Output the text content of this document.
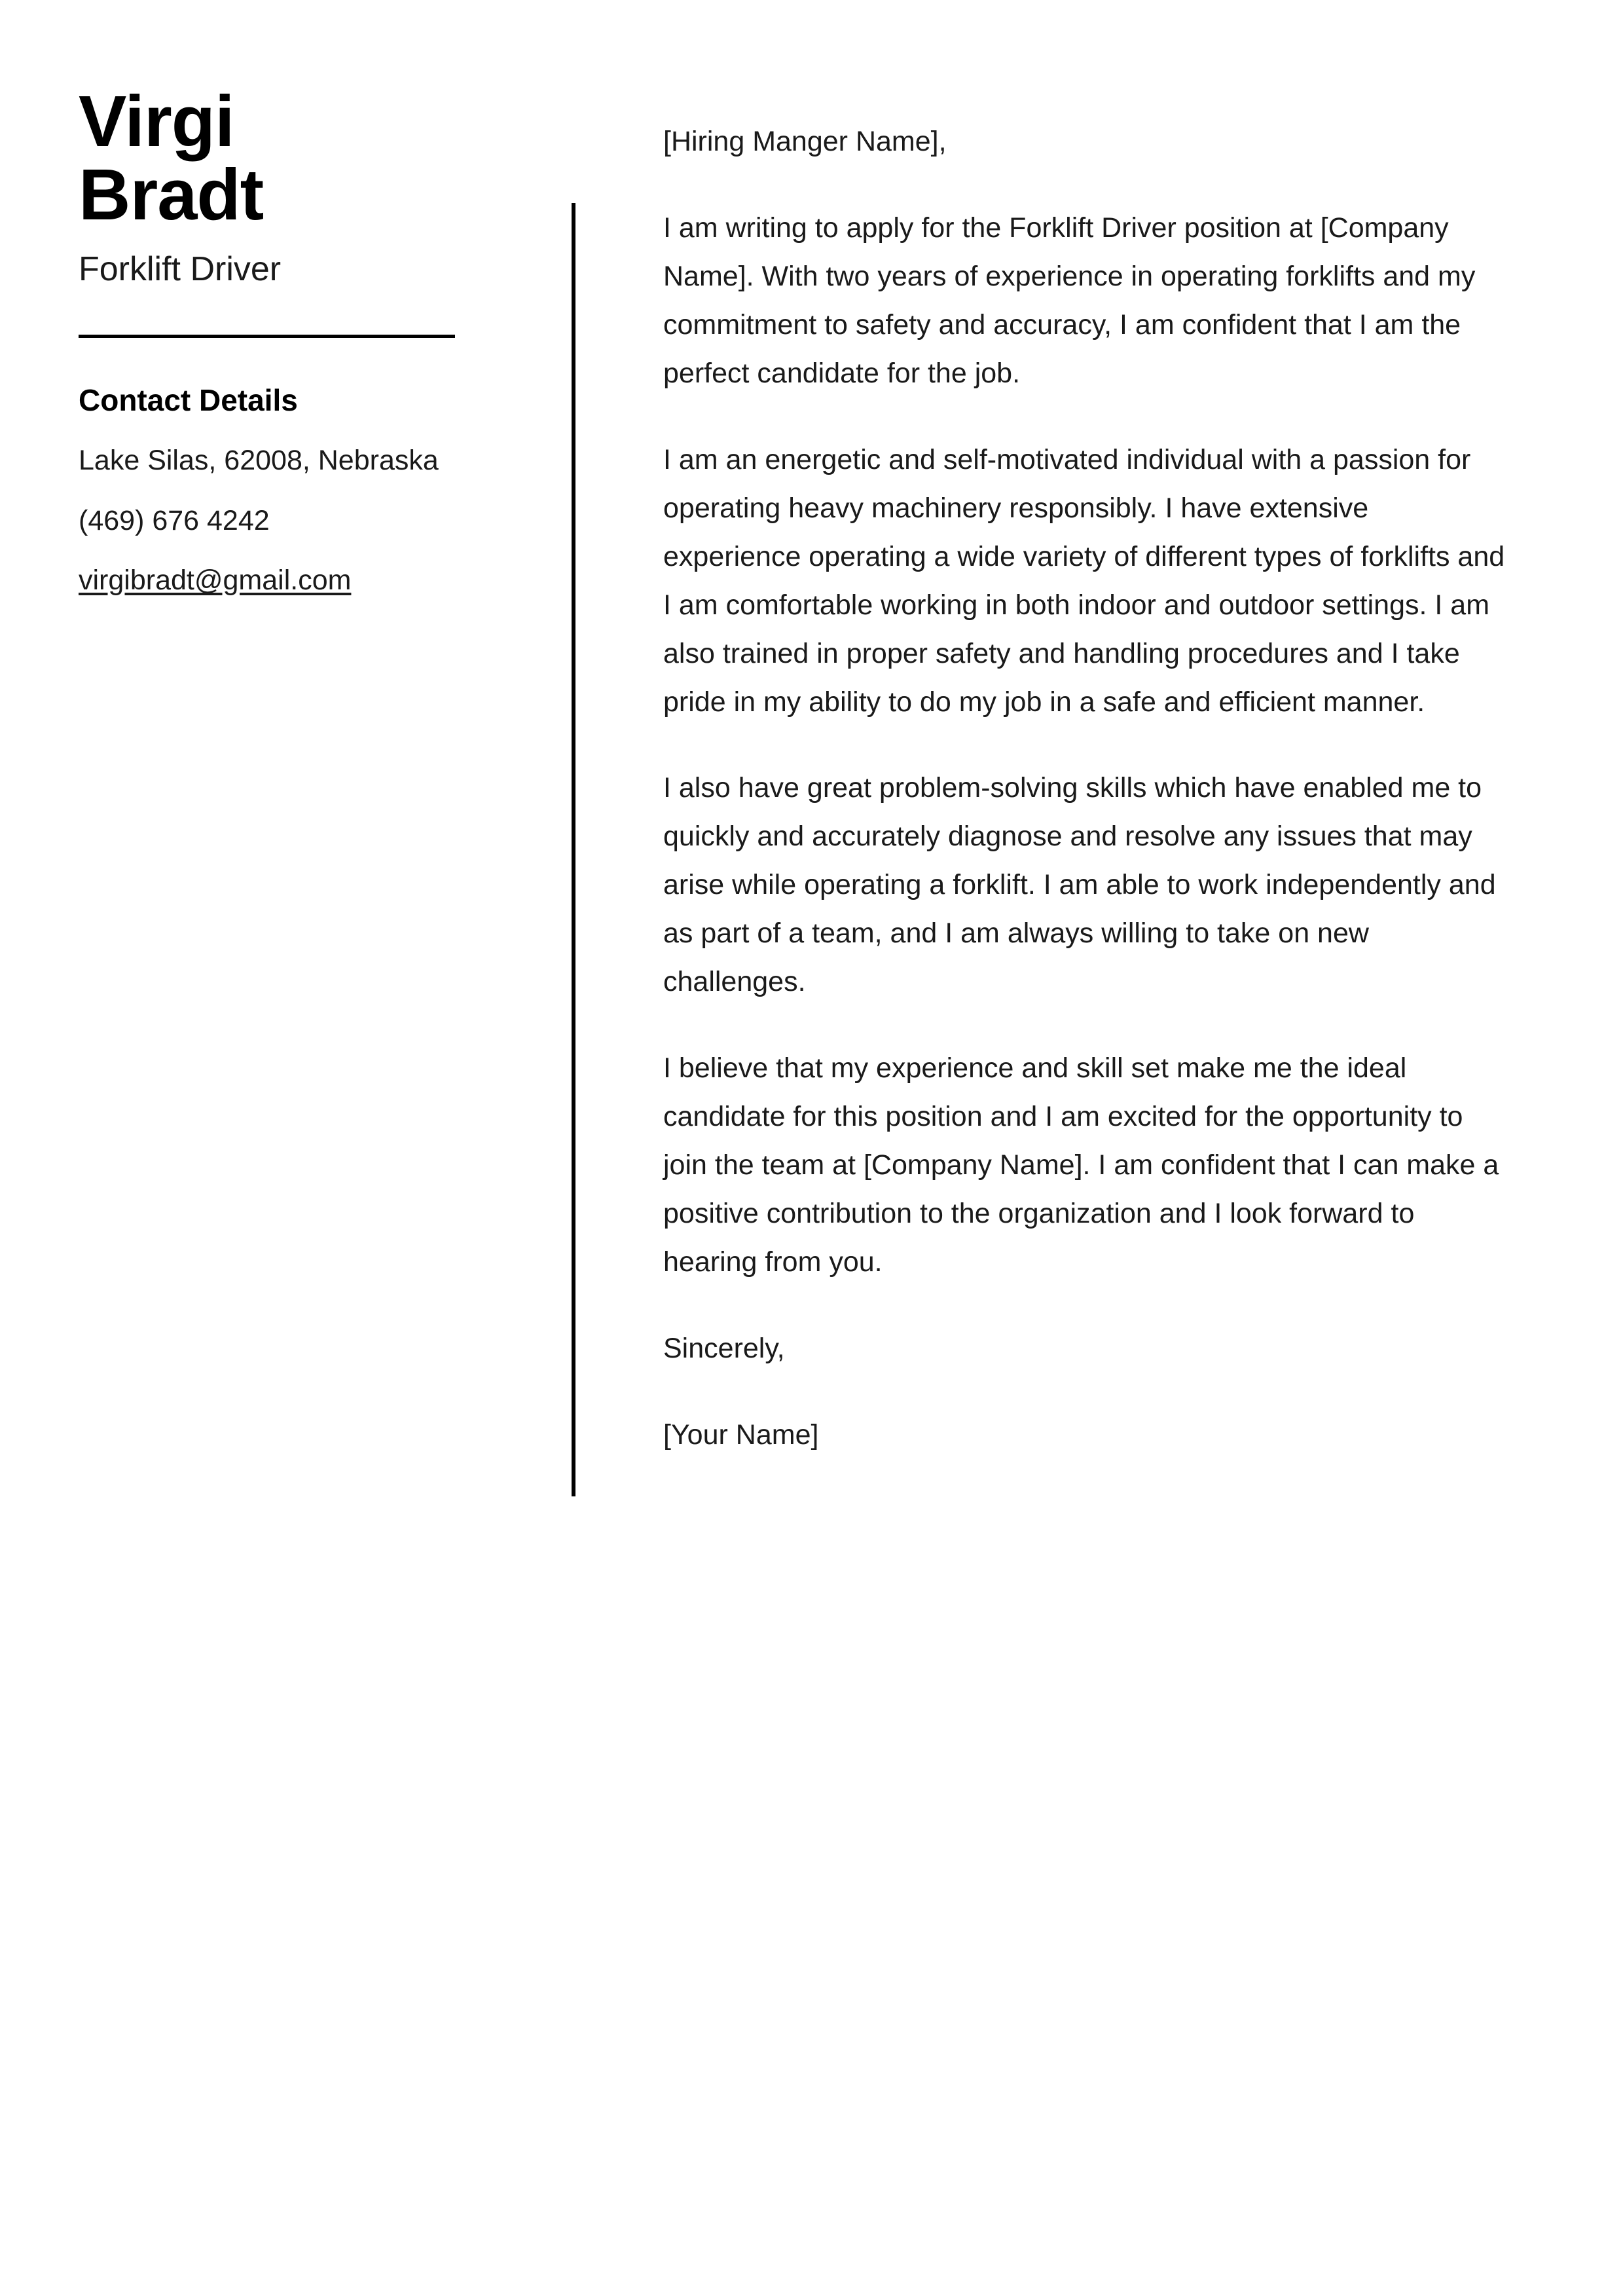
Virgi
Bradt
Forklift Driver
Contact Details
Lake Silas, 62008, Nebraska
(469) 676 4242
virgibradt@gmail.com

[Hiring Manger Name],

I am writing to apply for the Forklift Driver position at [Company Name]. With two years of experience in operating forklifts and my commitment to safety and accuracy, I am confident that I am the perfect candidate for the job.

I am an energetic and self-motivated individual with a passion for operating heavy machinery responsibly. I have extensive experience operating a wide variety of different types of forklifts and I am comfortable working in both indoor and outdoor settings. I am also trained in proper safety and handling procedures and I take pride in my ability to do my job in a safe and efficient manner.

I also have great problem-solving skills which have enabled me to quickly and accurately diagnose and resolve any issues that may arise while operating a forklift. I am able to work independently and as part of a team, and I am always willing to take on new challenges.

I believe that my experience and skill set make me the ideal candidate for this position and I am excited for the opportunity to join the team at [Company Name]. I am confident that I can make a positive contribution to the organization and I look forward to hearing from you.

Sincerely,

[Your Name]
